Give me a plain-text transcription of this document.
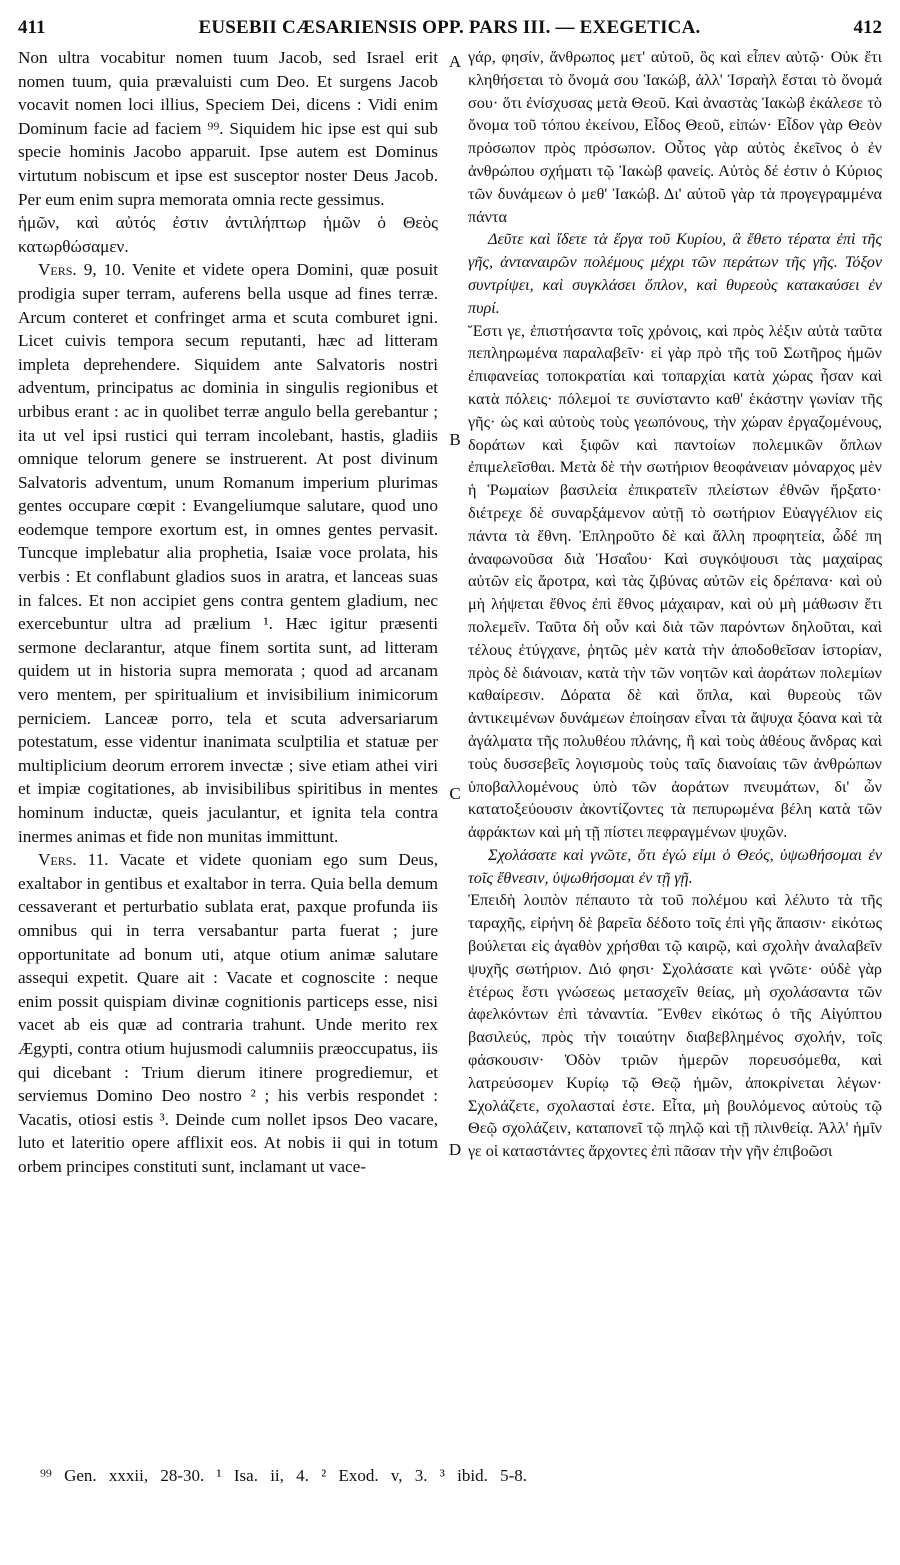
411	EUSEBII CÆSARIENSIS OPP. PARS III. — EXEGETICA.	412

Non ultra vocabitur nomen tuum Jacob, sed Israel erit nomen tuum, quia prævaluisti cum Deo. Et surgens Jacob vocavit nomen loci illius, Speciem Dei, dicens : Vidi enim Dominum facie ad faciem ⁹⁹. Siquidem hic ipse est qui sub specie hominis Jacobo apparuit. Ipse autem est Dominus virtutum nobiscum et ipse est susceptor noster Deus Jacob. Per eum enim supra memorata omnia recte gessimus.

ἡμῶν, καὶ αὐτός ἐστιν ἀντιλήπτωρ ἡμῶν ὁ Θεὸς κατωρθώσαμεν.

Vers. 9, 10. Venite et videte opera Domini, quæ posuit prodigia super terram, auferens bella usque ad fines terræ. Arcum conteret et confringet arma et scuta comburet igni. Licet cuivis tempora secum reputanti, hæc ad litteram impleta deprehendere. Siquidem ante Salvatoris nostri adventum, principatus ac dominia in singulis regionibus et urbibus erant : ac in quolibet terræ angulo bella gerebantur ; ita ut vel ipsi rustici qui terram incolebant, hastis, gladiis omnique telorum genere se instruerent. At post divinum Salvatoris adventum, unum Romanum imperium plurimas gentes occupare cœpit : Evangeliumque salutare, quod uno eodemque tempore exortum est, in omnes gentes pervasit. Tuncque implebatur alia prophetia, Isaiæ voce prolata, his verbis : Et conflabunt gladios suos in aratra, et lanceas suas in falces. Et non accipiet gens contra gentem gladium, nec exercebuntur ultra ad prælium ¹. Hæc igitur præsenti sermone declarantur, atque finem sortita sunt, ad litteram quidem ut in historia supra memorata ; quod ad arcanam vero mentem, per spiritualium et invisibilium inimicorum perniciem. Lanceæ porro, tela et scuta adversariarum potestatum, esse videntur inanimata sculptilia et statuæ per multiplicium deorum errorem invectæ ; sive etiam athei viri et impiæ cogitationes, ab invisibilibus spiritibus in mentes hominum inductæ, queis jaculantur, et ignita tela contra inermes animas et fide non munitas immittunt.

Vers. 11. Vacate et videte quoniam ego sum Deus, exaltabor in gentibus et exaltabor in terra. Quia bella demum cessaverant et perturbatio sublata erat, paxque profunda iis omnibus qui in terra versabantur parta fuerat ; jure opportunitate ad bonum uti, atque otium animæ salutare assequi expetit. Quare ait : Vacate et cognoscite : neque enim possit quispiam divinæ cognitionis particeps esse, nisi vacet ab eis quæ ad contraria trahunt. Unde merito rex Ægypti, contra otium hujusmodi calumniis præoccupatus, iis qui dicebant : Trium dierum itinere progrediemur, et serviemus Domino Deo nostro ² ; his verbis respondet : Vacatis, otiosi estis ³. Deinde cum nollet ipsos Deo vacare, luto et lateritio opere afflixit eos. At nobis ii qui in totum orbem principes constituti sunt, inclamant ut vace-

A
B
C
D

γάρ, φησίν, ἄνθρωπος μετ' αὐτοῦ, ὃς καὶ εἶπεν αὐτῷ· Οὐκ ἔτι κληθήσεται τὸ ὄνομά σου Ἰακώβ, ἀλλ' Ἰσραὴλ ἔσται τὸ ὄνομά σου· ὅτι ἐνίσχυσας μετὰ Θεοῦ. Καὶ ἀναστὰς Ἰακὼβ ἐκάλεσε τὸ ὄνομα τοῦ τόπου ἐκείνου, Εἶδος Θεοῦ, εἰπών· Εἶδον γὰρ Θεὸν πρόσωπον πρὸς πρόσωπον. Οὗτος γὰρ αὐτὸς ἐκεῖνος ὁ ἐν ἀνθρώπου σχήματι τῷ Ἰακὼβ φανείς. Αὐτὸς δέ ἐστιν ὁ Κύριος τῶν δυνάμεων ὁ μεθ' Ἰακώβ. Δι' αὐτοῦ γὰρ τὰ προγεγραμμένα πάντα

Δεῦτε καὶ ἴδετε τὰ ἔργα τοῦ Κυρίου, ἃ ἔθετο τέρατα ἐπὶ τῆς γῆς, ἀνταναιρῶν πολέμους μέχρι τῶν περάτων τῆς γῆς. Τόξον συντρίψει, καὶ συγκλάσει ὅπλον, καὶ θυρεοὺς κατακαύσει ἐν πυρί.

Ἔστι γε, ἐπιστήσαντα τοῖς χρόνοις, καὶ πρὸς λέξιν αὐτὰ ταῦτα πεπληρωμένα παραλαβεῖν· εἰ γὰρ πρὸ τῆς τοῦ Σωτῆρος ἡμῶν ἐπιφανείας τοποκρατίαι καὶ τοπαρχίαι κατὰ χώρας ἦσαν καὶ κατὰ πόλεις· πόλεμοί τε συνίσταντο καθ' ἑκάστην γωνίαν τῆς γῆς· ὡς καὶ αὐτοὺς τοὺς γεωπόνους, τὴν χώραν ἐργαζομένους, δοράτων καὶ ξιφῶν καὶ παντοίων πολεμικῶν ὅπλων ἐπιμελεῖσθαι. Μετὰ δὲ τὴν σωτήριον θεοφάνειαν μόναρχος μὲν ἡ Ῥωμαίων βασιλεία ἐπικρατεῖν πλείστων ἐθνῶν ἤρξατο· διέτρεχε δὲ συναρξάμενον αὐτῇ τὸ σωτήριον Εὐαγγέλιον εἰς πάντα τὰ ἔθνη. Ἐπληροῦτο δὲ καὶ ἄλλη προφητεία, ὧδέ πη ἀναφωνοῦσα διὰ Ἡσαΐου· Καὶ συγκόψουσι τὰς μαχαίρας αὐτῶν εἰς ἄροτρα, καὶ τὰς ζιβύνας αὐτῶν εἰς δρέπανα· καὶ οὐ μὴ λήψεται ἔθνος ἐπὶ ἔθνος μάχαιραν, καὶ οὐ μὴ μάθωσιν ἔτι πολεμεῖν. Ταῦτα δὴ οὖν καὶ διὰ τῶν παρόντων δηλοῦται, καὶ τέλους ἐτύγχανε, ῥητῶς μὲν κατὰ τὴν ἀποδοθεῖσαν ἱστορίαν, πρὸς δὲ διάνοιαν, κατὰ τὴν τῶν νοητῶν καὶ ἀοράτων πολεμίων καθαίρεσιν. Δόρατα δὲ καὶ ὅπλα, καὶ θυρεοὺς τῶν ἀντικειμένων δυνάμεων ἐποίησαν εἶναι τὰ ἄψυχα ξόανα καὶ τὰ ἀγάλματα τῆς πολυθέου πλάνης, ἢ καὶ τοὺς ἀθέους ἄνδρας καὶ τοὺς δυσσεβεῖς λογισμοὺς τοὺς ταῖς διανοίαις τῶν ἀνθρώπων ὑποβαλλομένους ὑπὸ τῶν ἀοράτων πνευμάτων, δι' ὧν κατατοξεύουσιν ἀκοντίζοντες τὰ πεπυρωμένα βέλη κατὰ τῶν ἀφράκτων καὶ μὴ τῇ πίστει πεφραγμένων ψυχῶν.

Σχολάσατε καὶ γνῶτε, ὅτι ἐγώ εἰμι ὁ Θεός, ὑψωθήσομαι ἐν τοῖς ἔθνεσιν, ὑψωθήσομαι ἐν τῇ γῇ.

Ἐπειδὴ λοιπὸν πέπαυτο τὰ τοῦ πολέμου καὶ λέλυτο τὰ τῆς ταραχῆς, εἰρήνη δὲ βαρεῖα δέδοτο τοῖς ἐπὶ γῆς ἅπασιν· εἰκότως βούλεται εἰς ἀγαθὸν χρήσθαι τῷ καιρῷ, καὶ σχολὴν ἀναλαβεῖν ψυχῆς σωτήριον. Διό φησι· Σχολάσατε καὶ γνῶτε· οὐδὲ γὰρ ἑτέρως ἔστι γνώσεως μετασχεῖν θείας, μὴ σχολάσαντα τῶν ἀφελκόντων ἐπὶ τἀναντία. Ἔνθεν εἰκότως ὁ τῆς Αἰγύπτου βασιλεύς, πρὸς τὴν τοιαύτην διαβεβλημένος σχολήν, τοῖς φάσκουσιν· Ὁδὸν τριῶν ἡμερῶν πορευσόμεθα, καὶ λατρεύσομεν Κυρίῳ τῷ Θεῷ ἡμῶν, ἀποκρίνεται λέγων· Σχολάζετε, σχολασταί ἐστε. Εἶτα, μὴ βουλόμενος αὐτοὺς τῷ Θεῷ σχολάζειν, καταπονεῖ τῷ πηλῷ καὶ τῇ πλινθείᾳ. Ἀλλ' ἡμῖν γε οἱ καταστάντες ἄρχοντες ἐπὶ πᾶσαν τὴν γῆν ἐπιβοῶσι

⁹⁹ Gen. xxxii, 28-30. ¹ Isa. ii, 4. ² Exod. v, 3. ³ ibid. 5-8.
